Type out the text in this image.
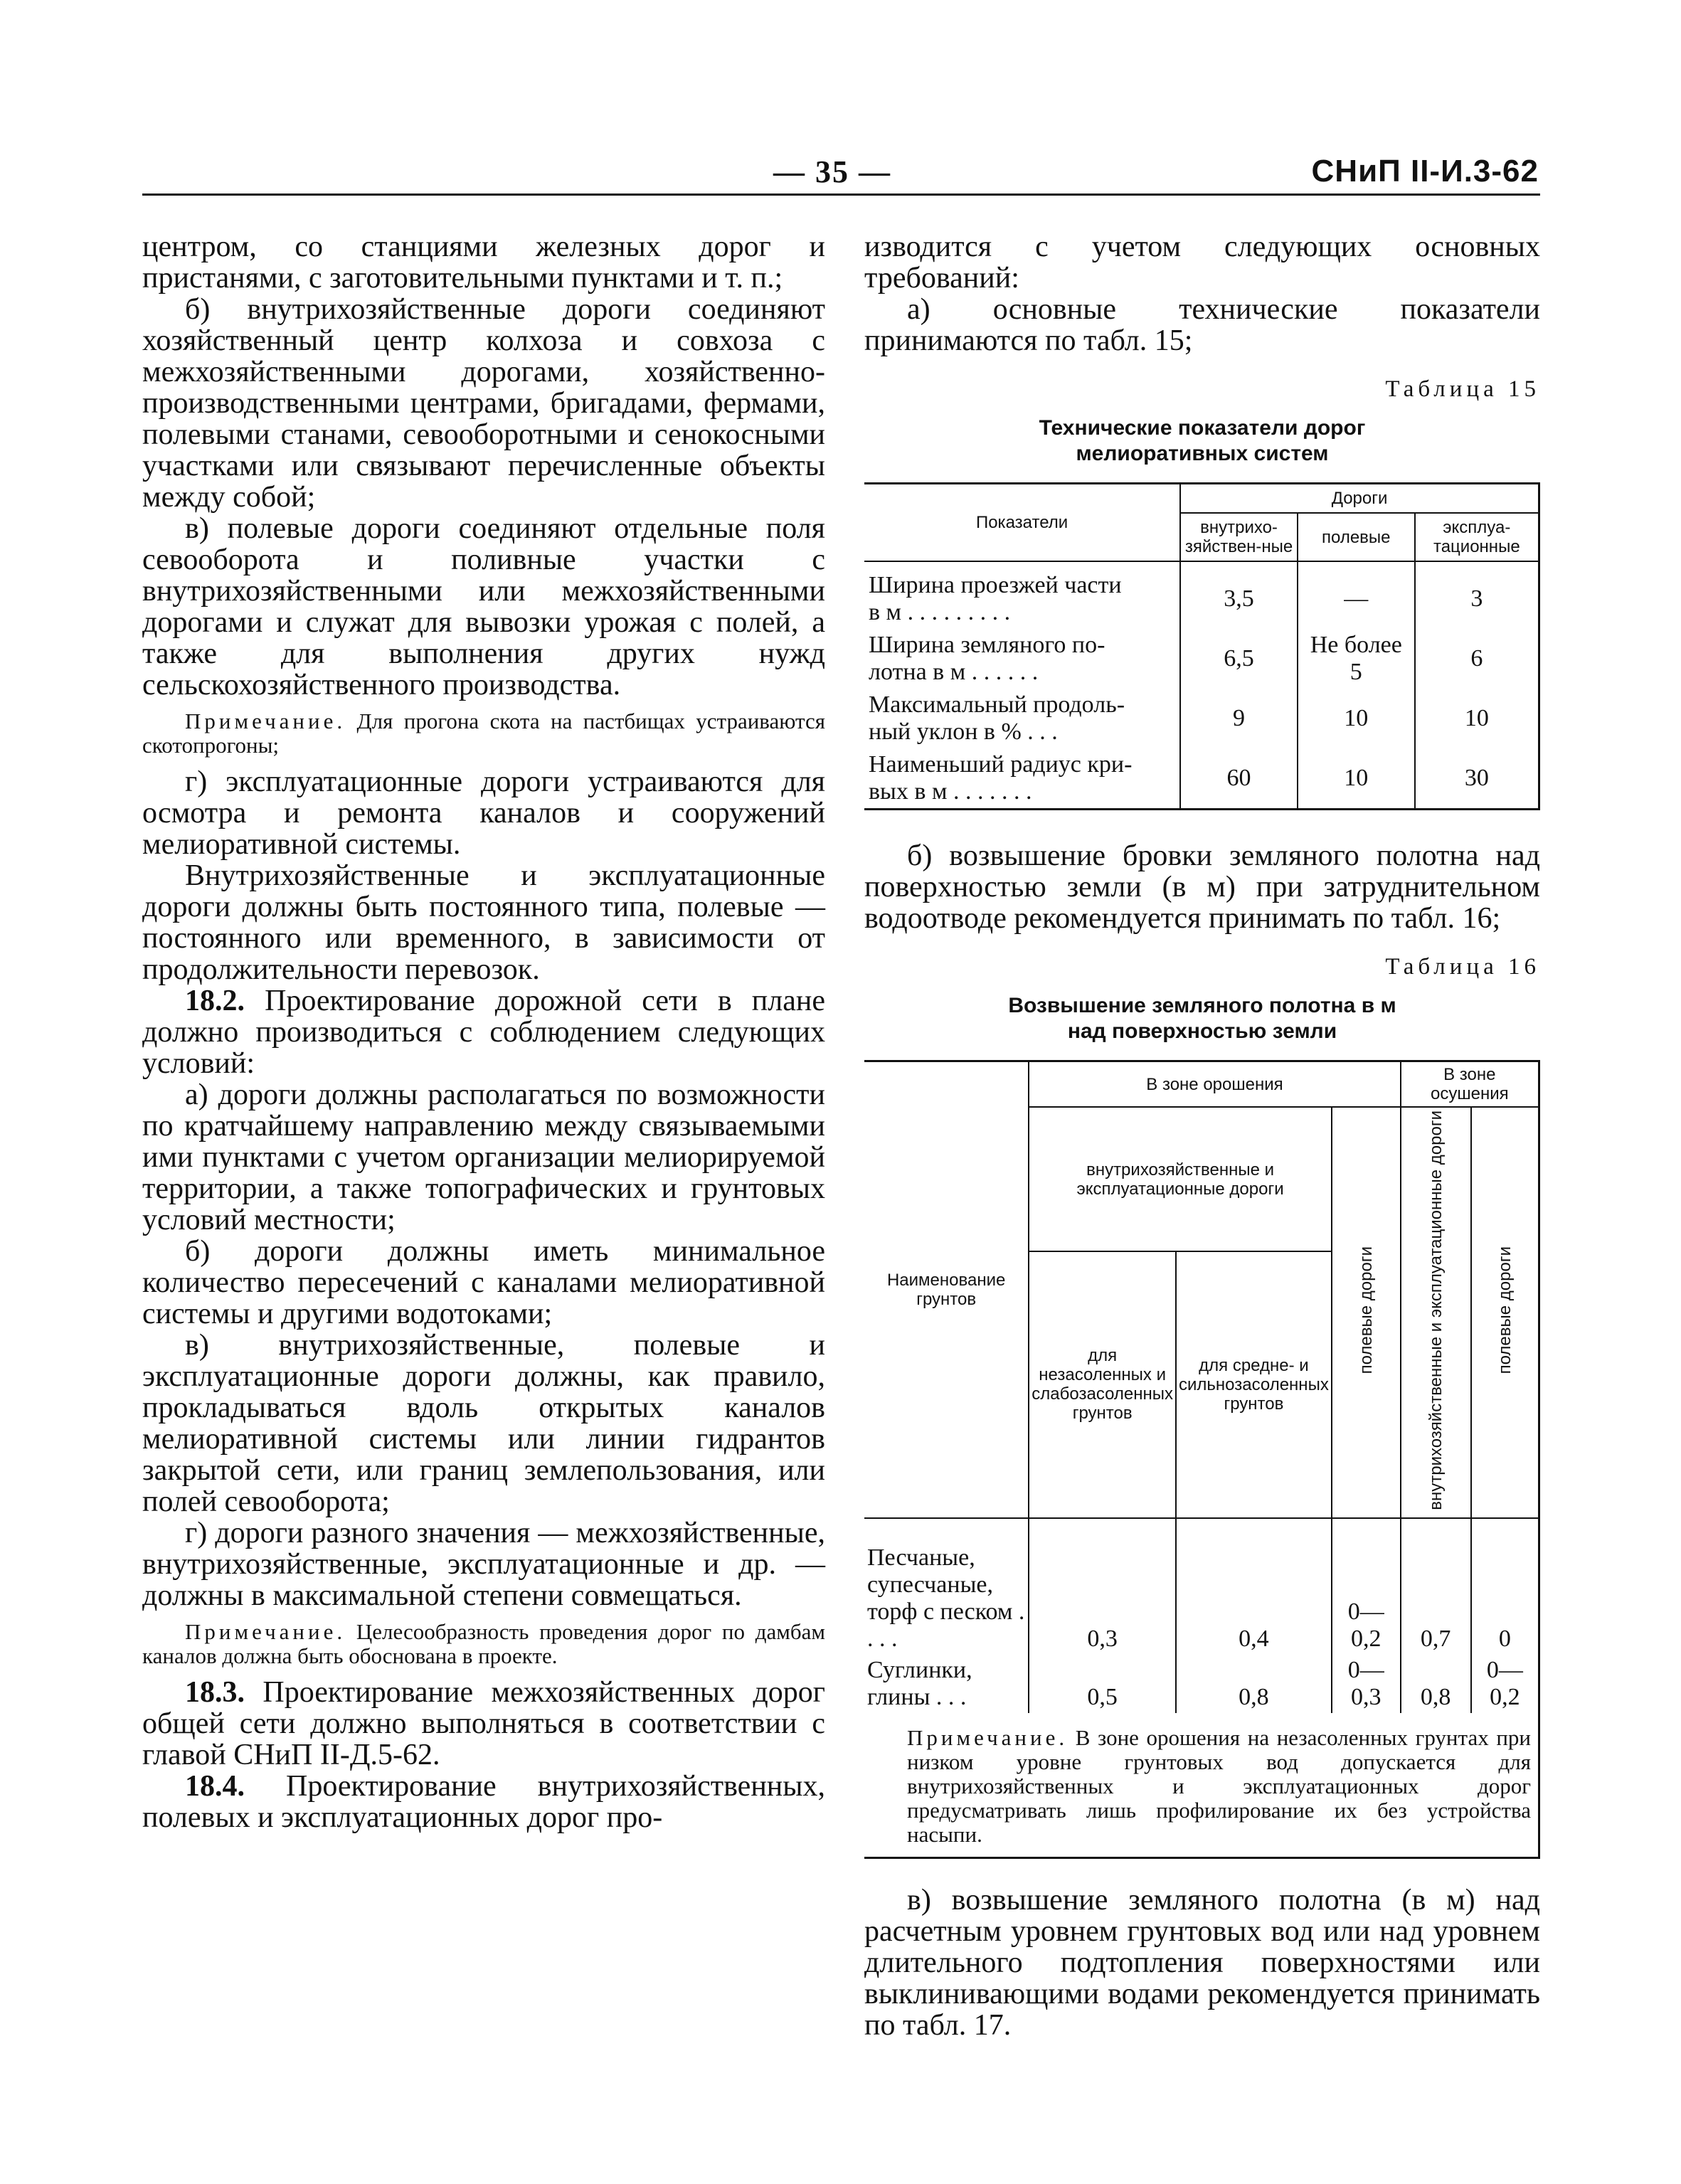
— 35 —	СНиП II-И.3-62

центром, со станциями железных дорог и пристанями, с заготовительными пунктами и т. п.;

б) внутрихозяйственные дороги соединяют хозяйственный центр колхоза и совхоза с межхозяйственными дорогами, хозяйственно-производственными центрами, бригадами, фермами, полевыми станами, севооборотными и сенокосными участками или связывают перечисленные объекты между собой;

в) полевые дороги соединяют отдельные поля севооборота и поливные участки с внутрихозяйственными или межхозяйственными дорогами и служат для вывозки урожая с полей, а также для выполнения других нужд сельскохозяйственного производства.

Примечание. Для прогона скота на пастбищах устраиваются скотопрогоны;

г) эксплуатационные дороги устраиваются для осмотра и ремонта каналов и сооружений мелиоративной системы.

Внутрихозяйственные и эксплуатационные дороги должны быть постоянного типа, полевые — постоянного или временного, в зависимости от продолжительности перевозок.

18.2. Проектирование дорожной сети в плане должно производиться с соблюдением следующих условий:

а) дороги должны располагаться по возможности по кратчайшему направлению между связываемыми ими пунктами с учетом организации мелиорируемой территории, а также топографических и грунтовых условий местности;

б) дороги должны иметь минимальное количество пересечений с каналами мелиоративной системы и другими водотоками;

в) внутрихозяйственные, полевые и эксплуатационные дороги должны, как правило, прокладываться вдоль открытых каналов мелиоративной системы или линии гидрантов закрытой сети, или границ землепользования, или полей севооборота;

г) дороги разного значения — межхозяйственные, внутрихозяйственные, эксплуатационные и др. — должны в максимальной степени совмещаться.

Примечание. Целесообразность проведения дорог по дамбам каналов должна быть обоснована в проекте.

18.3. Проектирование межхозяйственных дорог общей сети должно выполняться в соответствии с главой СНиП II-Д.5-62.

18.4. Проектирование внутрихозяйственных, полевых и эксплуатационных дорог про-

изводится с учетом следующих основных требований:

а) основные технические показатели принимаются по табл. 15;

Таблица 15
Технические показатели дорог
мелиоративных систем
Показатели	Дороги		
	внутрихо-зяйствен-ные	полевые	эксплуа-тационные

Ширина проезжей части
в м . . . . . . . . .	3,5	—	3

Ширина земляного по-
лотна в м . . . . . .	6,5	Не более 5	6

Максимальный продоль-
ный уклон в % . . .	9	10	10

Наименьший радиус кри-
вых в м . . . . . . .	60	10	30

б) возвышение бровки земляного полотна над поверхностью земли (в м) при затруднительном водоотводе рекомендуется принимать по табл. 16;

Таблица 16
Возвышение земляного полотна в м
над поверхностью земли
Наименование грунтов	В зоне орошения			В зоне осушения	
	внутрихозяйственные и эксплуатационные дороги		полевые дороги	внутрихозяйственные и эксплуатационные дороги	полевые дороги
	для незасоленных и слабозасоленных грунтов	для средне- и сильнозасоленных грунтов			
Песчаные, супесчаные, торф с песком . . . .	0,3	0,4	0—0,2	0,7	0
Суглинки, глины . . .	0,5	0,8	0—0,3	0,8	0—0,2
Примечание. В зоне орошения на незасоленных грунтах при низком уровне грунтовых вод допускается для внутрихозяйственных и эксплуатационных дорог предусматривать лишь профилирование их без устройства насыпи.

в) возвышение земляного полотна (в м) над расчетным уровнем грунтовых вод или над уровнем длительного подтопления поверхностями или выклинивающими водами рекомендуется принимать по табл. 17.
